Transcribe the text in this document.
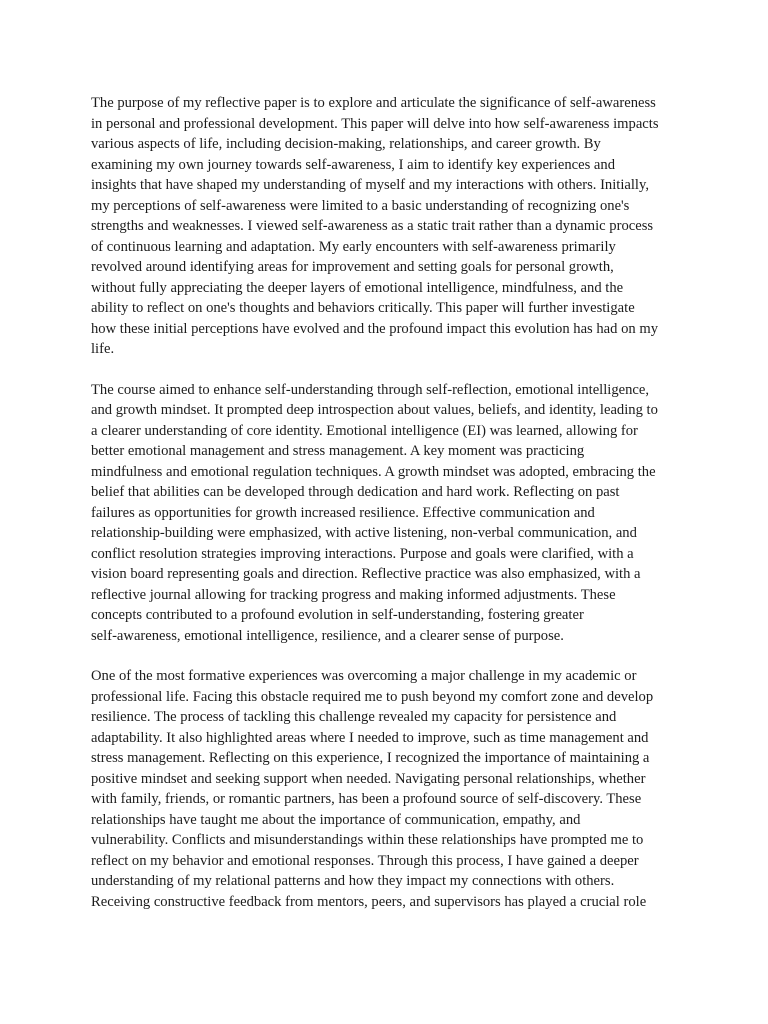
The purpose of my reflective paper is to explore and articulate the significance of self-awareness
in personal and professional development. This paper will delve into how self-awareness impacts
various aspects of life, including decision-making, relationships, and career growth. By
examining my own journey towards self-awareness, I aim to identify key experiences and
insights that have shaped my understanding of myself and my interactions with others. Initially,
my perceptions of self-awareness were limited to a basic understanding of recognizing one's
strengths and weaknesses. I viewed self-awareness as a static trait rather than a dynamic process
of continuous learning and adaptation. My early encounters with self-awareness primarily
revolved around identifying areas for improvement and setting goals for personal growth,
without fully appreciating the deeper layers of emotional intelligence, mindfulness, and the
ability to reflect on one's thoughts and behaviors critically. This paper will further investigate
how these initial perceptions have evolved and the profound impact this evolution has had on my
life.

The course aimed to enhance self-understanding through self-reflection, emotional intelligence,
and growth mindset. It prompted deep introspection about values, beliefs, and identity, leading to
a clearer understanding of core identity. Emotional intelligence (EI) was learned, allowing for
better emotional management and stress management. A key moment was practicing
mindfulness and emotional regulation techniques. A growth mindset was adopted, embracing the
belief that abilities can be developed through dedication and hard work. Reflecting on past
failures as opportunities for growth increased resilience. Effective communication and
relationship-building were emphasized, with active listening, non-verbal communication, and
conflict resolution strategies improving interactions. Purpose and goals were clarified, with a
vision board representing goals and direction. Reflective practice was also emphasized, with a
reflective journal allowing for tracking progress and making informed adjustments. These
concepts contributed to a profound evolution in self-understanding, fostering greater
self-awareness, emotional intelligence, resilience, and a clearer sense of purpose.

One of the most formative experiences was overcoming a major challenge in my academic or
professional life. Facing this obstacle required me to push beyond my comfort zone and develop
resilience. The process of tackling this challenge revealed my capacity for persistence and
adaptability. It also highlighted areas where I needed to improve, such as time management and
stress management. Reflecting on this experience, I recognized the importance of maintaining a
positive mindset and seeking support when needed. Navigating personal relationships, whether
with family, friends, or romantic partners, has been a profound source of self-discovery. These
relationships have taught me about the importance of communication, empathy, and
vulnerability. Conflicts and misunderstandings within these relationships have prompted me to
reflect on my behavior and emotional responses. Through this process, I have gained a deeper
understanding of my relational patterns and how they impact my connections with others.
Receiving constructive feedback from mentors, peers, and supervisors has played a crucial role
